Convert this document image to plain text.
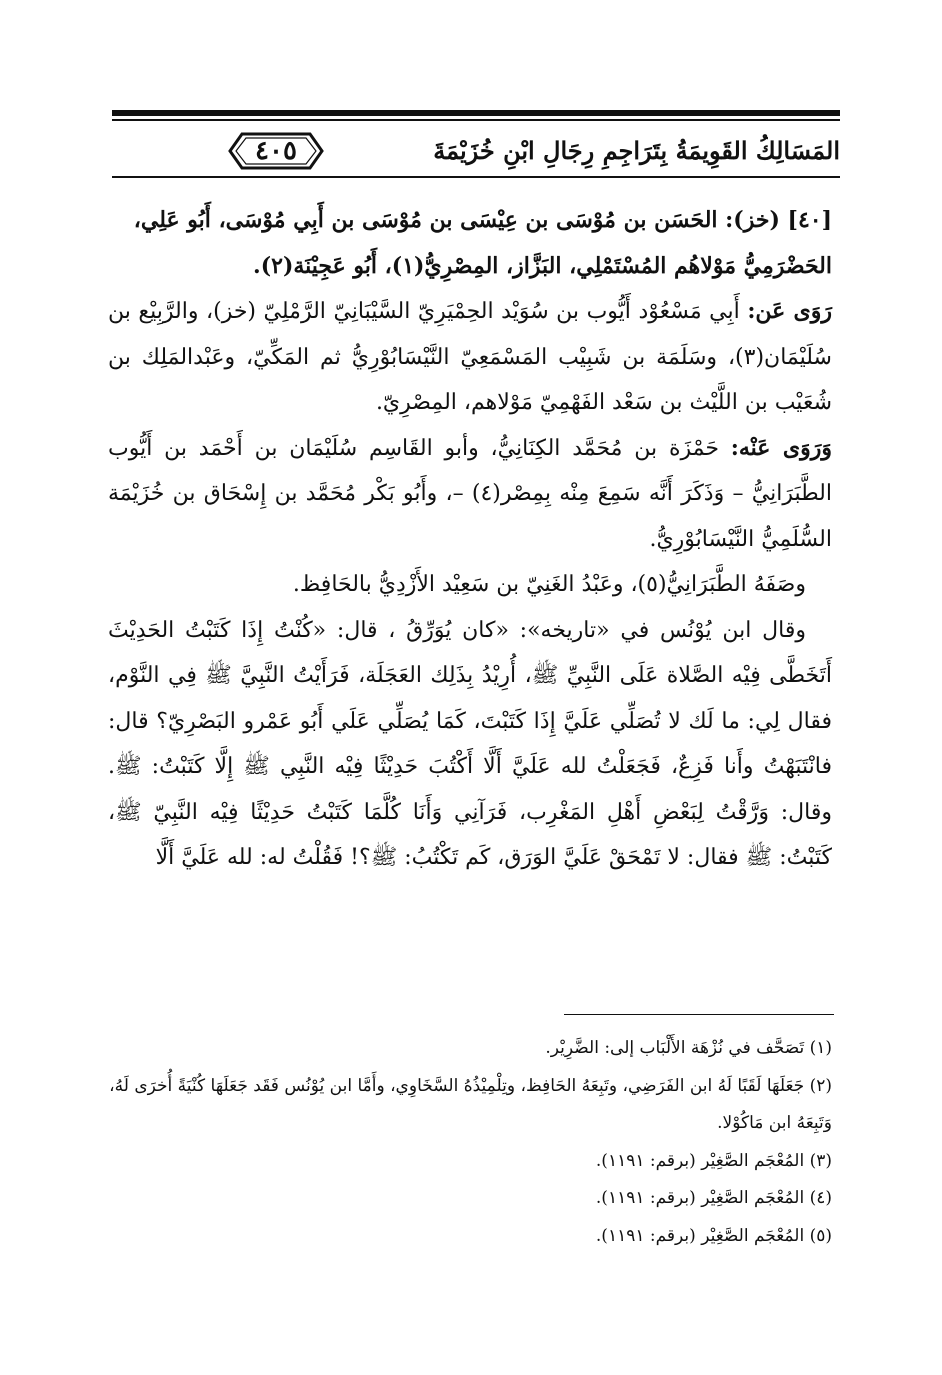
٤٠٥	المَسَالِكُ القَوِيمَةُ بِتَرَاجِمِ رِجَالِ ابْنِ خُزَيْمَةَ

[٤٠] (خز): الحَسَن بن مُوْسَى بن عِيْسَى بن مُوْسَى بن أَبِي مُوْسَى، أَبُو عَلِي،

الحَضْرَمِيُّ مَوْلاهُم المُسْتَمْلِي، البَزَّاز، المِصْرِيُّ(١)، أَبُو عَجِيْنَة(٢).

رَوَى عَن: أَبِي مَسْعُوْد أَيُّوب بن سُوَيْد الحِمْيَرِيّ السَّيْبَانِيّ الرَّمْلِيّ (خز)، والرَّبِيْع بن سُلَيْمَان(٣)، وسَلَمَة بن شَبِيْب المَسْمَعِيّ النَّيْسَابُوْرِيُّ ثم المَكِّيّ، وعَبْدالمَلِك بن شُعَيْب بن اللَّيْث بن سَعْد الفَهْمِيّ مَوْلاهم، المِصْرِيّ.

وَرَوَى عَنْه: حَمْزَة بن مُحَمَّد الكِنَانِيُّ، وأبو القَاسِم سُلَيْمَان بن أَحْمَد بن أَيُّوب الطَّبَرَانِيُّ – وَذَكَرَ أَنَّه سَمِعَ مِنْه بِمِصْر(٤) –، وأَبُو بَكْر مُحَمَّد بن إِسْحَاق بن خُزَيْمَة السُّلَمِيُّ النَّيْسَابُوْرِيُّ.

وصَفَهُ الطَّبَرَانِيُّ(٥)، وعَبْدُ الغَنِيّ بن سَعِيْد الأَزْدِيُّ بالحَافِظ.

وقال ابن يُوْنُس في «تاريخه»: «كان يُوَرِّقُ ، قال: «كُنْتُ إِذَا كَتَبْتُ الحَدِيْثَ أَتَخَطَّى فِيْه الصَّلاة عَلَى النَّبِيِّ ﷺ، أُرِيْدُ بِذَلِك العَجَلَة، فَرَأَيْتُ النَّبِيَّ ﷺ فِي النَّوْم، فقال لِي: ما لَك لا تُصَلِّي عَلَيَّ إِذَا كَتَبْتَ، كَمَا يُصَلِّي عَلَي أَبُو عَمْرو البَصْرِيّ؟ قال: فانْتَبَهْتُ وأَنا فَزِعٌ، فَجَعَلْتُ لله عَلَيَّ أَلَّا أَكْتُبَ حَدِيْثًا فِيْه النَّبِي ﷺ إِلَّا كَتَبْتُ: ﷺ. وقال: وَرَّقْتُ لِبَعْضِ أَهْلِ المَغْرِب، فَرَآنِي وَأَنَا كُلَّمَا كَتَبْتُ حَدِيْثًا فِيْه النَّبِيّ ﷺ، كَتَبْتُ: ﷺ فقال: لا تَمْحَقْ عَلَيَّ الوَرَق، كَم تَكْتُبُ: ﷺ؟! فَقُلْتُ له: لله عَلَيَّ أَلَّا

(١) تَصَحَّف في نُزْهَة الأَلْبَاب إلى: الضَّرِيْر.

(٢) جَعَلَهَا لَقَبًا لَهُ ابن الفَرَضِي، وتَبِعَهُ الحَافِظ، وتِلْمِيْذُهُ السَّخَاوِي، وأَمَّا ابن يُوْنُس فَقَد جَعَلَهَا كُنْيَةً أُخرَى لَهُ، وَتَبِعَهُ ابن مَاكُوْلا.

(٣) المُعْجَم الصَّغِيْر (برقم: ١١٩١).

(٤) المُعْجَم الصَّغِيْر (برقم: ١١٩١).

(٥) المُعْجَم الصَّغِيْر (برقم: ١١٩١).
